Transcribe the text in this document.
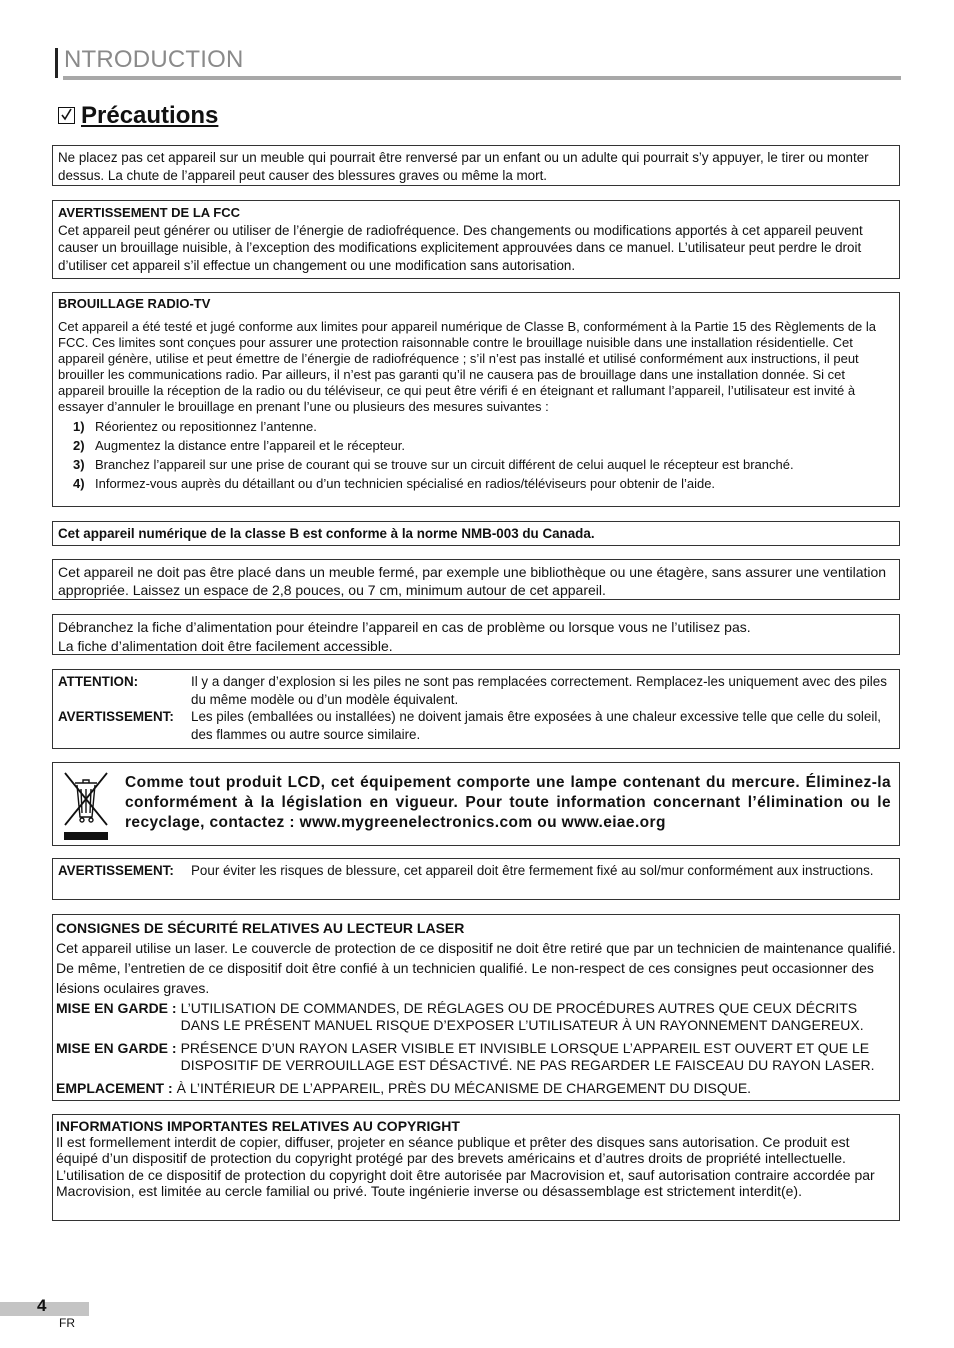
NTRODUCTION
Précautions
Ne placez pas cet appareil sur un meuble qui pourrait être renversé par un enfant ou un adulte qui pourrait s’y appuyer, le tirer ou monter dessus. La chute de l’appareil peut causer des blessures graves ou même la mort.
AVERTISSEMENT DE LA FCC
Cet appareil peut générer ou utiliser de l’énergie de radiofréquence. Des changements ou modifications apportés à cet appareil peuvent causer un brouillage nuisible, à l’exception des modifications explicitement approuvées dans ce manuel. L’utilisateur peut perdre le droit d’utiliser cet appareil s’il effectue un changement ou une modification sans autorisation.
BROUILLAGE RADIO-TV
Cet appareil a été testé et jugé conforme aux limites pour appareil numérique de Classe B, conformément à la Partie 15 des Règlements de la FCC. Ces limites sont conçues pour assurer une protection raisonnable contre le brouillage nuisible dans une installation résidentielle. Cet appareil génère, utilise et peut émettre de l’énergie de radiofréquence ; s’il n’est pas installé et utilisé conformément aux instructions, il peut brouiller les communications radio. Par ailleurs, il n’est pas garanti qu’il ne causera pas de brouillage dans une installation donnée. Si cet appareil brouille la réception de la radio ou du téléviseur, ce qui peut être vérifi é en éteignant et rallumant l’appareil, l’utilisateur est invité à essayer d’annuler le brouillage en prenant l’une ou plusieurs des mesures suivantes :
1) Réorientez ou repositionnez l’antenne.
2) Augmentez la distance entre l’appareil et le récepteur.
3) Branchez l’appareil sur une prise de courant qui se trouve sur un circuit différent de celui auquel le récepteur est branché.
4) Informez-vous auprès du détaillant ou d’un technicien spécialisé en radios/téléviseurs pour obtenir de l’aide.
Cet appareil numérique de la classe B est conforme à la norme NMB-003 du Canada.
Cet appareil ne doit pas être placé dans un meuble fermé, par exemple une bibliothèque ou une étagère, sans assurer une ventilation appropriée. Laissez un espace de 2,8 pouces, ou 7 cm, minimum autour de cet appareil.
Débranchez la fiche d’alimentation pour éteindre l’appareil en cas de problème ou lorsque vous ne l’utilisez pas.
La fiche d’alimentation doit être facilement accessible.
ATTENTION:	Il y a danger d’explosion si les piles ne sont pas remplacées correctement. Remplacez-les uniquement avec des piles du même modèle ou d’un modèle équivalent.
AVERTISSEMENT:	Les piles (emballées ou installées) ne doivent jamais être exposées à une chaleur excessive telle que celle du soleil, des flammes ou autre source similaire.
Comme tout produit LCD, cet équipement comporte une lampe contenant du mercure. Éliminez-la conformément à la législation en vigueur. Pour toute information concernant l’élimination ou le recyclage, contactez : www.mygreenelectronics.com ou www.eiae.org
AVERTISSEMENT:	Pour éviter les risques de blessure, cet appareil doit être fermement fixé au sol/mur conformément aux instructions.
CONSIGNES DE SÉCURITÉ RELATIVES AU LECTEUR LASER
Cet appareil utilise un laser. Le couvercle de protection de ce dispositif ne doit être retiré que par un technicien de maintenance qualifié. De même, l’entretien de ce dispositif doit être confié à un technicien qualifié. Le non-respect de ces consignes peut occasionner des lésions oculaires graves.
MISE EN GARDE : L’UTILISATION DE COMMANDES, DE RÉGLAGES OU DE PROCÉDURES AUTRES QUE CEUX DÉCRITS DANS LE PRÉSENT MANUEL RISQUE D’EXPOSER L’UTILISATEUR À UN RAYONNEMENT DANGEREUX.
MISE EN GARDE : PRÉSENCE D’UN RAYON LASER VISIBLE ET INVISIBLE LORSQUE L’APPAREIL EST OUVERT ET QUE LE DISPOSITIF DE VERROUILLAGE EST DÉSACTIVÉ. NE PAS REGARDER LE FAISCEAU DU RAYON LASER.
EMPLACEMENT : À L’INTÉRIEUR DE L’APPAREIL, PRÈS DU MÉCANISME DE CHARGEMENT DU DISQUE.
INFORMATIONS IMPORTANTES RELATIVES AU COPYRIGHT
Il est formellement interdit de copier, diffuser, projeter en séance publique et prêter des disques sans autorisation. Ce produit est équipé d’un dispositif de protection du copyright protégé par des brevets américains et d’autres droits de propriété intellectuelle. L’utilisation de ce dispositif de protection du copyright doit être autorisée par Macrovision et, sauf autorisation contraire accordée par Macrovision, est limitée au cercle familial ou privé. Toute ingénierie inverse ou désassemblage est strictement interdit(e).
4
FR
